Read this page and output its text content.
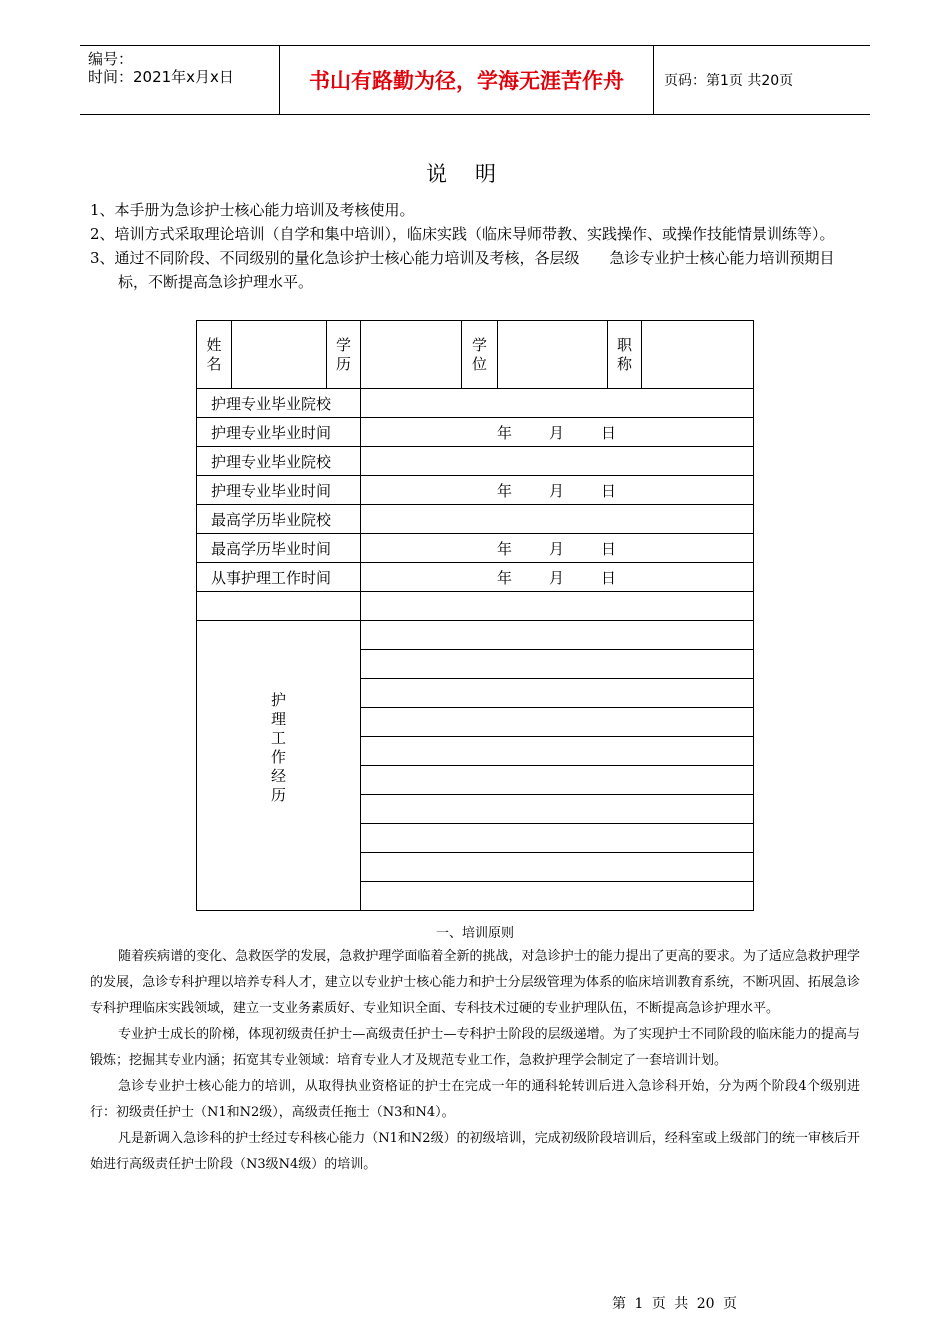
编号：
时间：2021年x月x日	书山有路勤为径，学海无涯苦作舟	页码：第1页 共20页
说明

1、本手册为急诊护士核心能力培训及考核使用。

2、培训方式采取理论培训（自学和集中培训），临床实践（临床导师带教、实践操作、或操作技能情景训练等）。

3、通过不同阶段、不同级别的量化急诊护士核心能力培训及考核，各层级　　急诊专业护士核心能力培训预期目标，不断提高急诊护理水平。

姓名		学历		学位		职称	
护理专业毕业院校							
护理专业毕业时间			年 月 日				
护理专业毕业院校							
护理专业毕业时间			年 月 日				
最高学历毕业院校							
最高学历毕业时间			年 月 日				
从事护理工作时间			年 月 日				

护理工作经历							

一、培训原则

随着疾病谱的变化、急救医学的发展，急救护理学面临着全新的挑战，对急诊护士的能力提出了更高的要求。为了适应急救护理学的发展，急诊专科护理以培养专科人才，建立以专业护士核心能力和护士分层级管理为体系的临床培训教育系统，不断巩固、拓展急诊专科护理临床实践领域，建立一支业务素质好、专业知识全面、专科技术过硬的专业护理队伍，不断提高急诊护理水平。

专业护士成长的阶梯，体现初级责任护士—高级责任护士—专科护士阶段的层级递增。为了实现护士不同阶段的临床能力的提高与锻炼；挖掘其专业内涵；拓宽其专业领域：培育专业人才及规范专业工作，急救护理学会制定了一套培训计划。

急诊专业护士核心能力的培训，从取得执业资格证的护士在完成一年的通科轮转训后进入急诊科开始，分为两个阶段4个级别进行：初级责任护士（N1和N2级），高级责任拖士（N3和N4）。

凡是新调入急诊科的护士经过专科核心能力（N1和N2级）的初级培训，完成初级阶段培训后，经科室或上级部门的统一审核后开始进行高级责任护士阶段（N3级N4级）的培训。

第 1 页 共 20 页
